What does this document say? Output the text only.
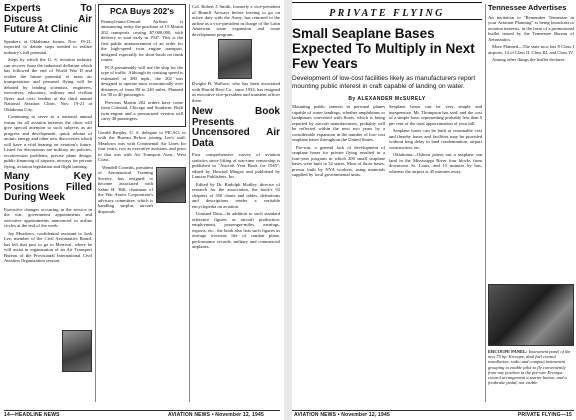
Experts To Discuss Air Future At Clinic

Speakers at Oklahoma forum, Nov. 19-21, expected to debate steps needed to realize industry's full potential.

Steps by which the U. S. aviation industry can recover from the industrial deflation which has followed the end of World War II and realize the future potential of mass air transportation and personal flying will be debated by leading scientists, engineers, executives, educators, military and civilian flyers and civic leaders at the third annual National Aviation Clinic, Nov. 19-21 at Oklahoma City.

Continuing to serve as a national annual forum for all aviation interests the clinic will give special attention to such subjects as air progress and development, quick release of atomic energy and other new discoveries which will have a vital bearing on aviation's future. Listed for discussions are military air policies, reconversion problems, private plane design, public financing of airports, airways for private flying, aviation legislation and flight training.

Many Key Positions Filled During Week

Executive changes occurring in the service in the war, government appointments and executive appointments announced in airline circles at the end of the week.

Jay Meadows, confidential assistant to Josh Lee, member of the Civil Aeronautics Board, has left that post to go to Merrival, where he will assist in organization of an Air Transport Bureau of the Provisional International Civil Aviation Organization session.

PCA Buys 202's

Pennsylvania-Central Airlines is announcing today the purchase of 15 Martin 202 transports costing $7,000,000, with delivery to start early in 1947. This is the first public announcement of an order for the high-speed twin engine transport, designed especially for short-hauls on trunk routes.

PCA presumably will use the ship for the type of traffic. Although its cruising speed is estimated at 280 mph., the 202 was designed to operate most economically over distances of from 80 to 240 miles. Planned for 30 to 40 passengers.

Previous Martin 202 orders have come from Colonial, Chicago and Southern. Both twin-engine and a pressurized version will carry 40 passengers.

Gerald Brophy, U. S. delegate to PICAO, or with the Bureau Before joining Lee's staff, Meadows was with Continental Air Lines for four years, two as executive assistant, and prior to that was with Air Transport Assn., West Coast.

Wendell Coombs, president of Aeronautical Training Society, has resigned to become associated with Sabin H. Hill, chairman of the War Assets Corporation's advisory committee, which is handling surplus aircraft disposals.

Col. Robert J. Smith, formerly a vice-president of Braniff Airways before leaving to go on active duty with the Army, has returned to the airline as a vice-president in charge of the Latin American route expansion and route development program.

Dwight B. Wallace, who has been associated with Harold Hoyt Co., since 1934, has resigned as executive vice-president and transient officer there.

New Book Presents Uncensored Air Data

First comprehensive survey of aviation statistics since lifting of war-time censorship is published in "Aircraft Year Book for 1945", edited by Howard Mingos and published by Lanciar Publishers, Inc.

Edited by Dr. Rudolph Modley, director of research for the association, the book's 92 chapters of 350 charts and tables, definitions and descriptions render a veritable encyclopedia on aviation.

Unusual Data—In addition to such standard reference figures as aircraft production, employment, passenger-miles, earnings, exports, etc., the book also lists such figures as average overseas life of combat plane, performance records, military and commercial airplanes.

14—HEADLINE NEWS	AVIATION NEWS • November 12, 1945
PRIVATE FLYING
Small Seaplane Bases Expected To Multiply in Next Few Years
Development of low-cost facilities likely as manufacturers report mounting public interest in craft capable of landing on water.
By ALEXANDER McSURELY

Mounting public interest in personal planes capable of water landings, whether amphibians or landplanes converted with floats, which is being reported by aircraft manufacturers, probably will be reflected within the next two years by a considerable expansion in the number of low-cost seaplane bases throughout the United States.

Pre-war, a general lack of development of seaplane bases for private flying resulted in a four-year program in which 200 small seaplane bases were built in 32 states. Most of those bases, prewar built by NYA workers, using materials supplied by local governmental units.

Seaplane bases can be very simple and inexpensive. Mr. Thompson has said, and the cost of a simple base, representing probably less than 5 per cent of the total approximation of your bill.

Seaplane bases can be built at reasonable cost and thereby bases and facilities may be provided without long delay in land condemnation, airport construction, etc.

Oklahoma—Osborn points out a seaplane can land in the Mississippi River four blocks from downtown St. Louis, and 15 minutes by bus, whereas the airport is 45 minutes away.

Tennessee Advertises

An invitation to "Remember Tennessee in your Aviation Planning" is being broadcast to aviation interests, in the form of a promotional leaflet issued by the Tennessee Bureau of Aeronautics.

More Planned—The state now has 8 Class I airports, 14 of Class II, Class III, and Class IV.

Among other things the leaflet declares:

ERCOUPE PANEL: Instrument panel of the new 75 hp. Ercoupe, dual fuel control installation, radio and compact instrument grouping to enable pilot to fly conveniently from any position in the pre-war Ercoupe control arrangement a starter button, and a footbrake pedal, not visible.
AVIATION NEWS • November 12, 1945	PRIVATE FLYING—15
